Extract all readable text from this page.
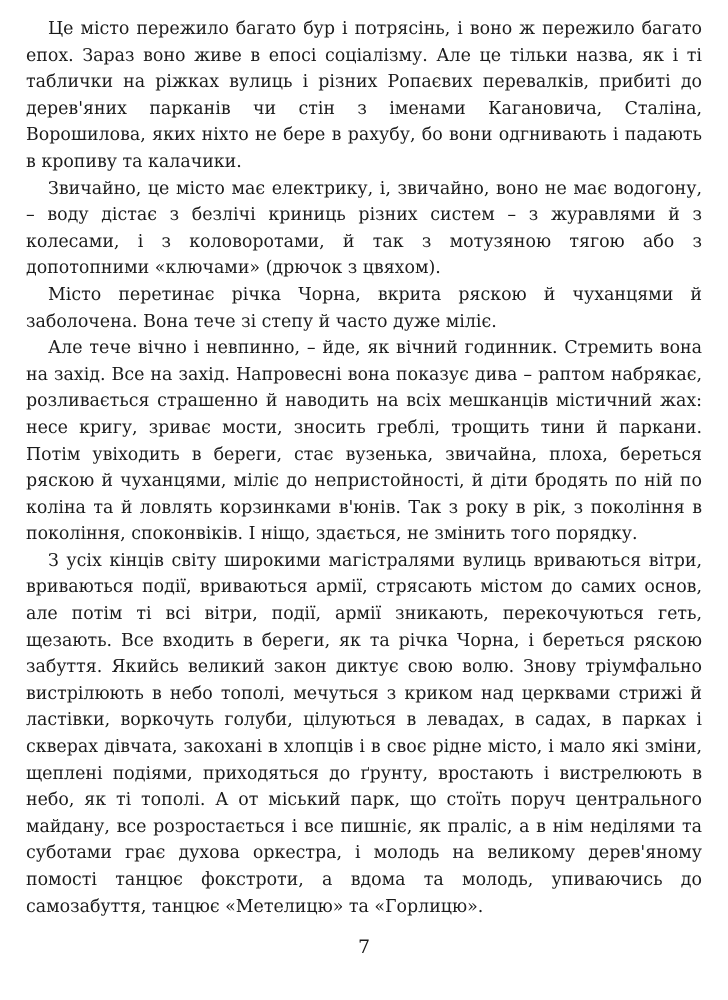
Це місто пережило багато бур і потрясінь, і воно ж пережило багато епох. Зараз воно живе в епосі соціалізму. Але це тільки назва, як і ті таблички на ріжках вулиць і різних Ропаєвих перевалків, прибиті до дерев'яних парканів чи стін з іменами Кагановича, Сталіна, Ворошилова, яких ніхто не бере в рахубу, бо вони одгнивають і падають в кропиву та калачики.

Звичайно, це місто має електрику, і, звичайно, воно не має водогону, – воду дістає з безлічі криниць різних систем – з журавлями й з колесами, і з коловоротами, й так з мотузяною тягою або з допотопними «ключами» (дрючок з цвяхом).

Місто перетинає річка Чорна, вкрита ряскою й чуханцями й заболочена. Вона тече зі степу й часто дуже міліє.

Але тече вічно і невпинно, – йде, як вічний годинник. Стремить вона на захід. Все на захід. Напровесні вона показує дива – раптом набрякає, розливається страшенно й наводить на всіх мешканців містичний жах: несе кригу, зриває мости, зносить греблі, трощить тини й паркани. Потім увіходить в береги, стає вузенька, звичайна, плоха, береться ряскою й чуханцями, міліє до непристойності, й діти бродять по ній по коліна та й ловлять корзинками в'юнів. Так з року в рік, з покоління в покоління, споконвіків. І ніщо, здається, не змінить того порядку.

З усіх кінців світу широкими магістралями вулиць вриваються вітри, вриваються події, вриваються армії, стрясають містом до самих основ, але потім ті всі вітри, події, армії зникають, перекочуються геть, щезають. Все входить в береги, як та річка Чорна, і береться ряскою забуття. Якийсь великий закон диктує свою волю. Знову тріумфально вистрілюють в небо тополі, мечуться з криком над церквами стрижі й ластівки, воркочуть голуби, цілуються в левадах, в садах, в парках і скверах дівчата, закохані в хлопців і в своє рідне місто, і мало які зміни, щеплені подіями, приходяться до ґрунту, вростають і вистрелюють в небо, як ті тополі. А от міський парк, що стоїть поруч центрального майдану, все розростається і все пишніє, як праліс, а в нім неділями та суботами грає духова оркестра, і молодь на великому дерев'яному помості танцює фокстроти, а вдома та молодь, упиваючись до самозабуття, танцює «Метелицю» та «Горлицю».

7
